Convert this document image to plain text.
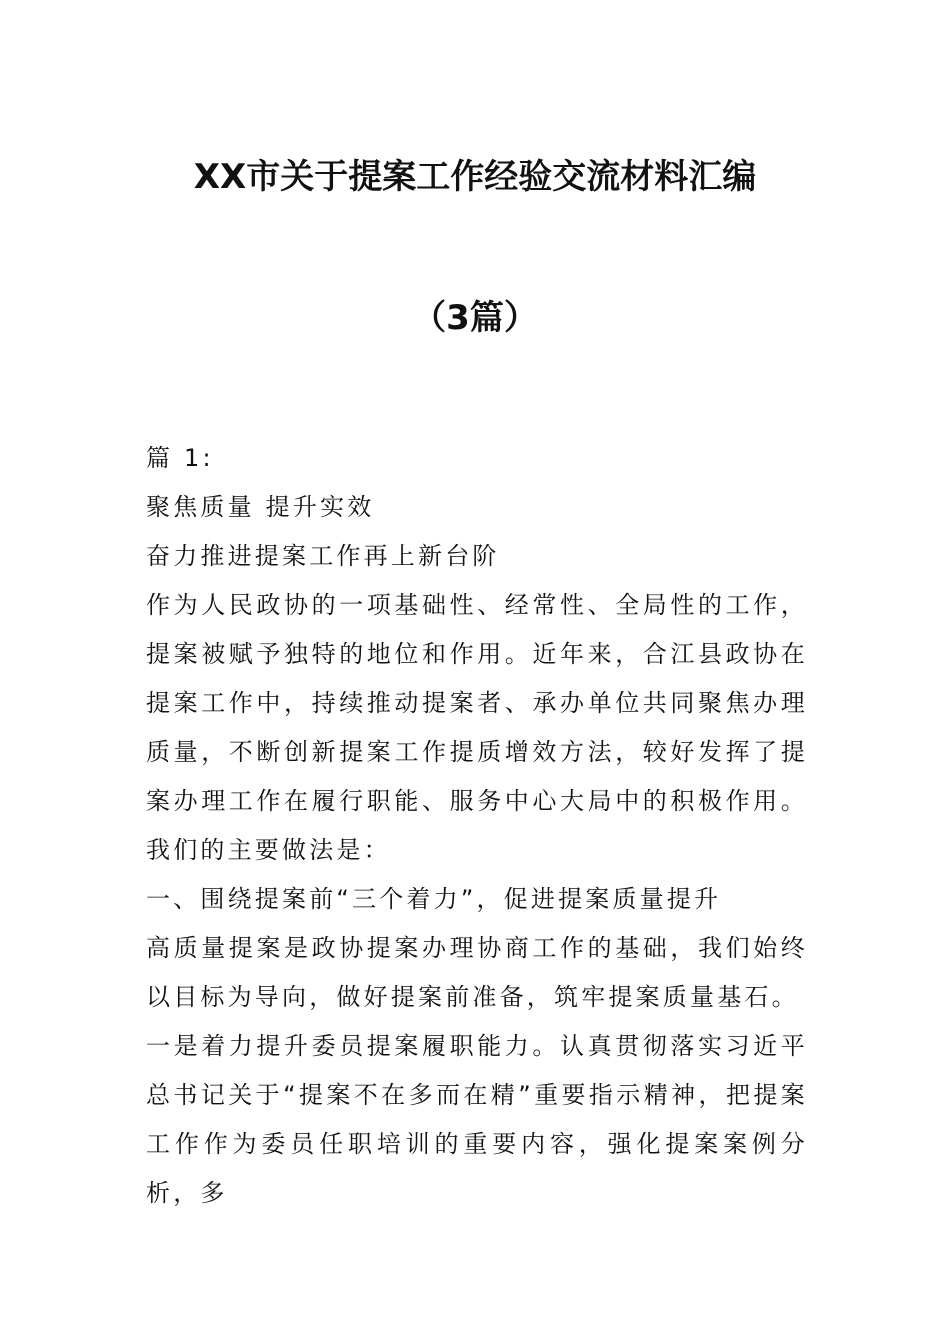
XX市关于提案工作经验交流材料汇编
（3篇）

篇 1:

聚焦质量 提升实效

奋力推进提案工作再上新台阶

作为人民政协的一项基础性、经常性、全局性的工作，提案被赋予独特的地位和作用。近年来，合江县政协在提案工作中，持续推动提案者、承办单位共同聚焦办理质量，不断创新提案工作提质增效方法，较好发挥了提案办理工作在履行职能、服务中心大局中的积极作用。我们的主要做法是：

一、围绕提案前“三个着力”，促进提案质量提升

高质量提案是政协提案办理协商工作的基础，我们始终以目标为导向，做好提案前准备，筑牢提案质量基石。

一是着力提升委员提案履职能力。认真贯彻落实习近平总书记关于“提案不在多而在精”重要指示精神，把提案工作作为委员任职培训的重要内容，强化提案案例分析，多
